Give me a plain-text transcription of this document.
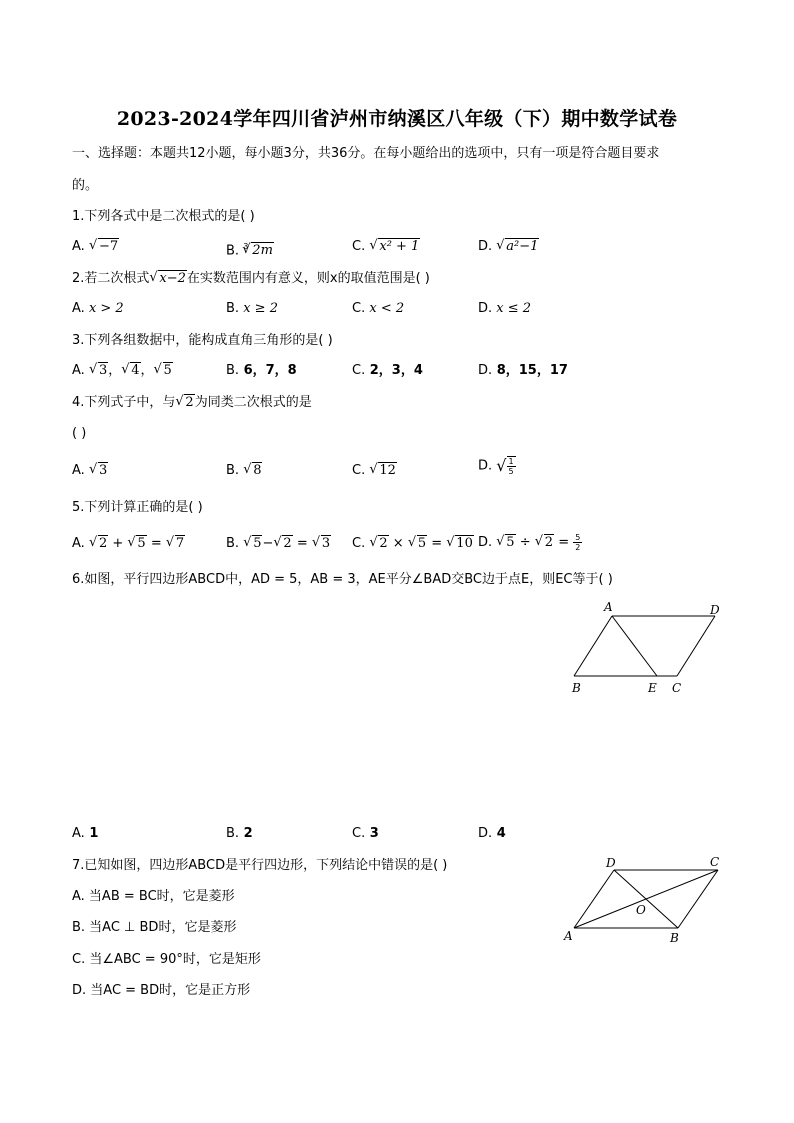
2023-2024学年四川省泸州市纳溪区八年级（下）期中数学试卷
一、选择题：本题共12小题，每小题3分，共36分。在每小题给出的选项中，只有一项是符合题目要求
的。
1.下列各式中是二次根式的是( )
A. √ −7	B. $^3$ √ 2m	C. √ x² + 1	D. √ a²−1
2.若二次根式 √ x−2在实数范围内有意义，则x的取值范围是( )
A. x > 2	B. x ≥ 2	C. x < 2	D. x ≤ 2
3.下列各组数据中，能构成直角三角形的是( )
A. √ 3， √ 4， √ 5	B. 6，7，8	C. 2，3，4	D. 8，15，17
4.下列式子中，与 √ 2为同类二次根式的是
( )
A. √ 3	B. √ 8	C. √ 12	D. √ $\frac{1}{5}$
5.下列计算正确的是( )
A. √ 2 + √ 5 = √ 7	B. √ 5− √ 2 = √ 3 C. √ 2 × √ 5 = √ 10 D. √ 5 ÷ √ $2 = \frac{5}{2}$
6.如图，平行四边形ABCD中，AD = 5，AB = 3，AE平分∠BAD交BC边于点E，则EC等于( )
A	D
B	E C
A. 1	B. 2	C. 3	D. 4
7.已知如图，四边形ABCD是平行四边形，下列结论中错误的是( )
A. 当AB = BC时，它是菱形
B. 当AC ⊥ BD时，它是菱形
C. 当∠ABC = 90°时，它是矩形
D. 当AC = BD时，它是正方形
D	C
A	B
O
